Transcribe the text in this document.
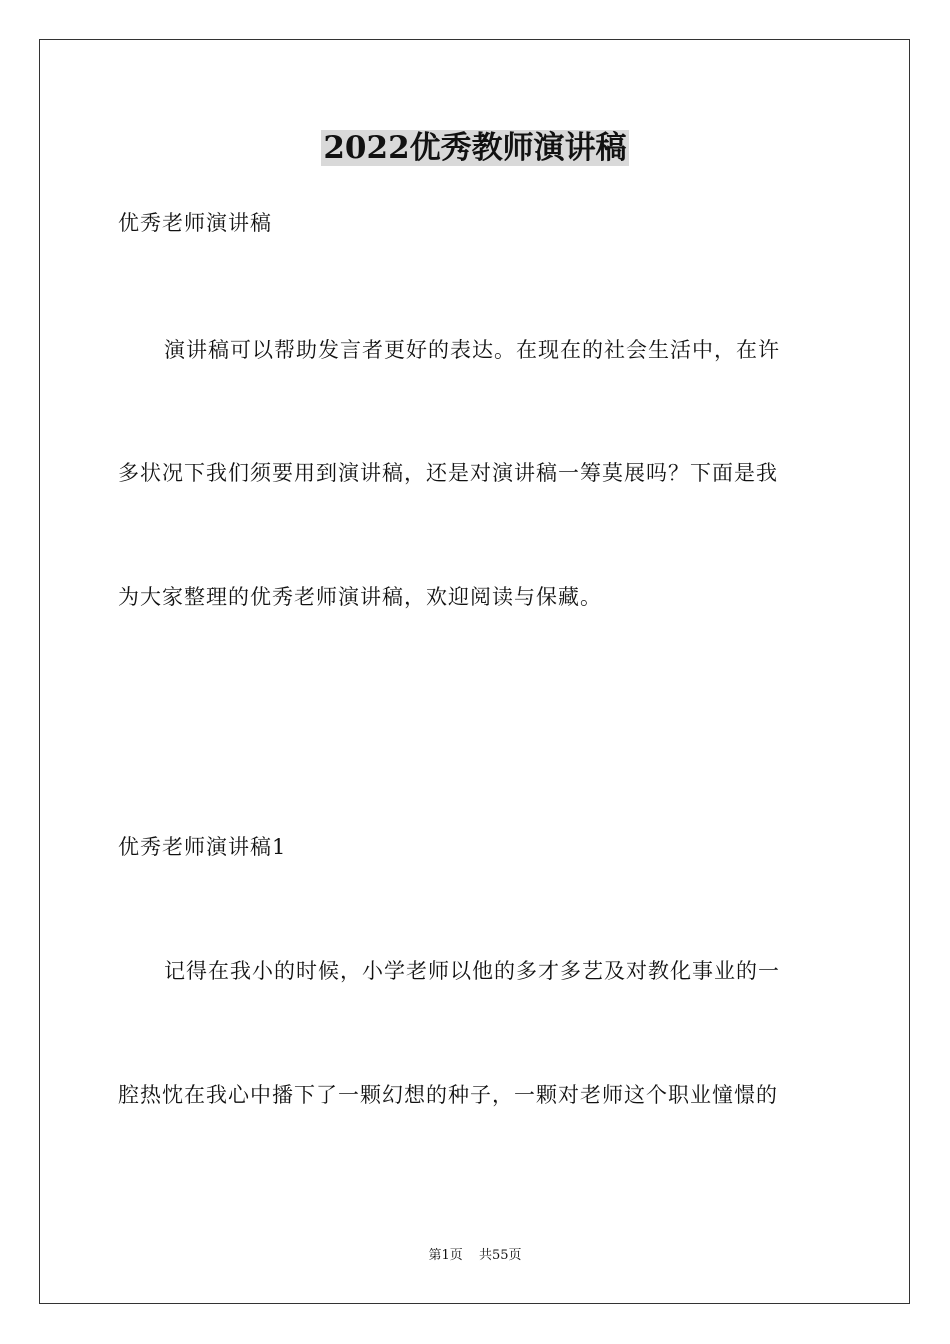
2022优秀教师演讲稿
优秀老师演讲稿
演讲稿可以帮助发言者更好的表达。在现在的社会生活中，在许
多状况下我们须要用到演讲稿，还是对演讲稿一筹莫展吗？下面是我
为大家整理的优秀老师演讲稿，欢迎阅读与保藏。
优秀老师演讲稿1
记得在我小的时候，小学老师以他的多才多艺及对教化事业的一
腔热忱在我心中播下了一颗幻想的种子，一颗对老师这个职业憧憬的
第1页 共55页
